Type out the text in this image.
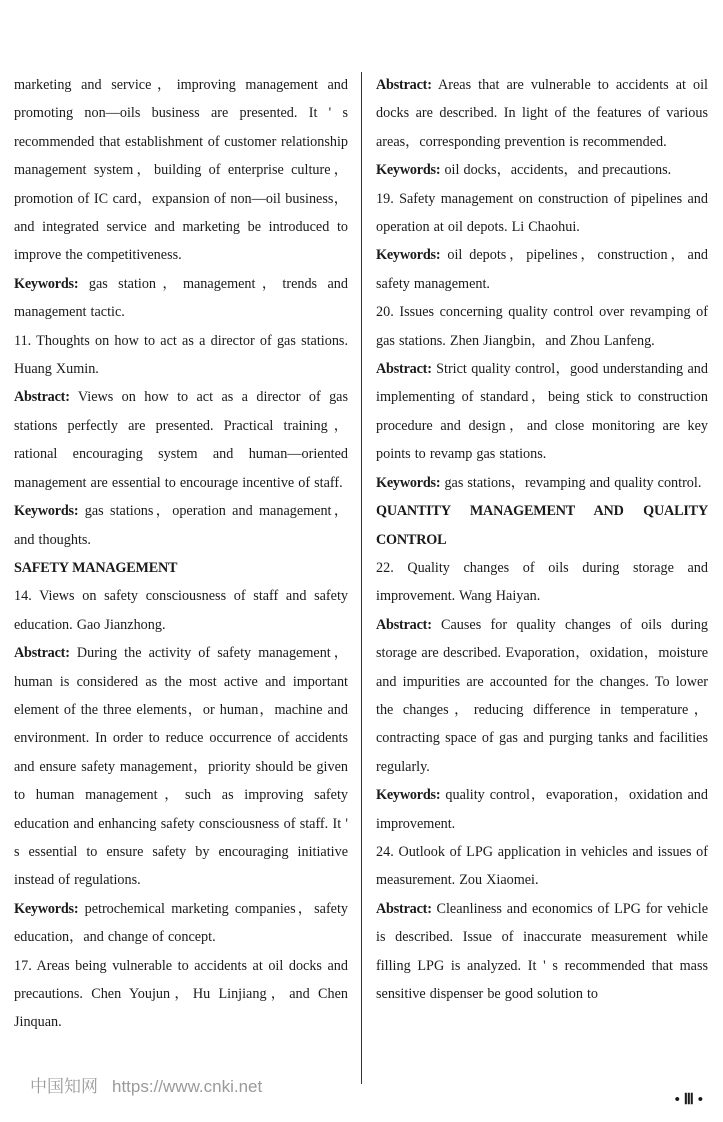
marketing and service，improving management and promoting non—oils business are presented. It ' s recommended that establishment of customer relationship management system，building of enterprise culture，promotion of IC card，expansion of non—oil business，and integrated service and marketing be introduced to improve the competitiveness.

Keywords: gas station，management，trends and management tactic.

11. Thoughts on how to act as a director of gas stations. Huang Xumin.

Abstract: Views on how to act as a director of gas stations perfectly are presented. Practical training，rational encouraging system and human—oriented management are essential to encourage incentive of staff.

Keywords: gas stations，operation and management，and thoughts.

SAFETY MANAGEMENT

14. Views on safety consciousness of staff and safety education. Gao Jianzhong.

Abstract: During the activity of safety management，human is considered as the most active and important element of the three elements，or human，machine and environment. In order to reduce occurrence of accidents and ensure safety management，priority should be given to human management，such as improving safety education and enhancing safety consciousness of staff. It ' s essential to ensure safety by encouraging initiative instead of regulations.

Keywords: petrochemical marketing companies，safety education，and change of concept.

17. Areas being vulnerable to accidents at oil docks and precautions. Chen Youjun，Hu Linjiang，and Chen Jinquan.

Abstract: Areas that are vulnerable to accidents at oil docks are described. In light of the features of various areas，corresponding prevention is recommended.

Keywords: oil docks，accidents，and precautions.

19. Safety management on construction of pipelines and operation at oil depots. Li Chaohui.

Keywords: oil depots，pipelines，construction，and safety management.

20. Issues concerning quality control over revamping of gas stations. Zhen Jiangbin，and Zhou Lanfeng.

Abstract: Strict quality control，good understanding and implementing of standard，being stick to construction procedure and design，and close monitoring are key points to revamp gas stations.

Keywords: gas stations，revamping and quality control.

QUANTITY MANAGEMENT AND QUALITY CONTROL

22. Quality changes of oils during storage and improvement. Wang Haiyan.

Abstract: Causes for quality changes of oils during storage are described. Evaporation，oxidation，moisture and impurities are accounted for the changes. To lower the changes，reducing difference in temperature，contracting space of gas and purging tanks and facilities regularly.

Keywords: quality control，evaporation，oxidation and improvement.

24. Outlook of LPG application in vehicles and issues of measurement. Zou Xiaomei.

Abstract: Cleanliness and economics of LPG for vehicle is described. Issue of inaccurate measurement while filling LPG is analyzed. It ' s recommended that mass sensitive dispenser be good solution to

中国知网 https://www.cnki.net
• Ⅲ •
